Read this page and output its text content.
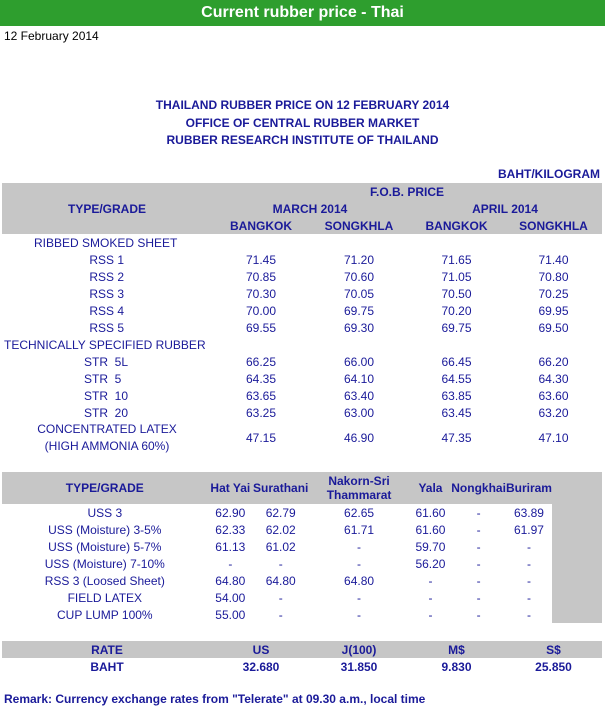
Current rubber price - Thai
12 February 2014
THAILAND RUBBER PRICE ON 12 FEBRUARY 2014
OFFICE OF CENTRAL RUBBER MARKET
RUBBER RESEARCH INSTITUTE OF THAILAND
BAHT/KILOGRAM
TYPE/GRADE	F.O.B. PRICE			
	MARCH 2014		APRIL 2014	
	BANGKOK	SONGKHLA	BANGKOK	SONGKHLA
RIBBED SMOKED SHEET				
RSS 1	71.45	71.20	71.65	71.40
RSS 2	70.85	70.60	71.05	70.80
RSS 3	70.30	70.05	70.50	70.25
RSS 4	70.00	69.75	70.20	69.95
RSS 5	69.55	69.30	69.75	69.50
TECHNICALLY SPECIFIED RUBBER				
STR  5L	66.25	66.00	66.45	66.20
STR  5	64.35	64.10	64.55	64.30
STR  10	63.65	63.40	63.85	63.60
STR  20	63.25	63.00	63.45	63.20

CONCENTRATED LATEX
(HIGH AMMONIA 60%)	47.15	46.90	47.35	47.10
TYPE/GRADE	Hat Yai	Surathani	Nakorn-Sri Thammarat	Yala	Nongkhai	Buriram
USS 3	62.90	62.79	62.65	61.60	-	63.89
USS (Moisture) 3-5%	62.33	62.02	61.71	61.60	-	61.97
USS (Moisture) 5-7%	61.13	61.02	-	59.70	-	-
USS (Moisture) 7-10%	-	-	-	56.20	-	-
RSS 3 (Loosed Sheet)	64.80	64.80	64.80	-	-	-
FIELD LATEX	54.00	-	-	-	-	-
CUP LUMP 100%	55.00	-	-	-	-	-
RATE	US	J(100)	M$	S$
BAHT	32.680	31.850	9.830	25.850
Remark: Currency exchange rates from "Telerate" at 09.30 a.m., local time
